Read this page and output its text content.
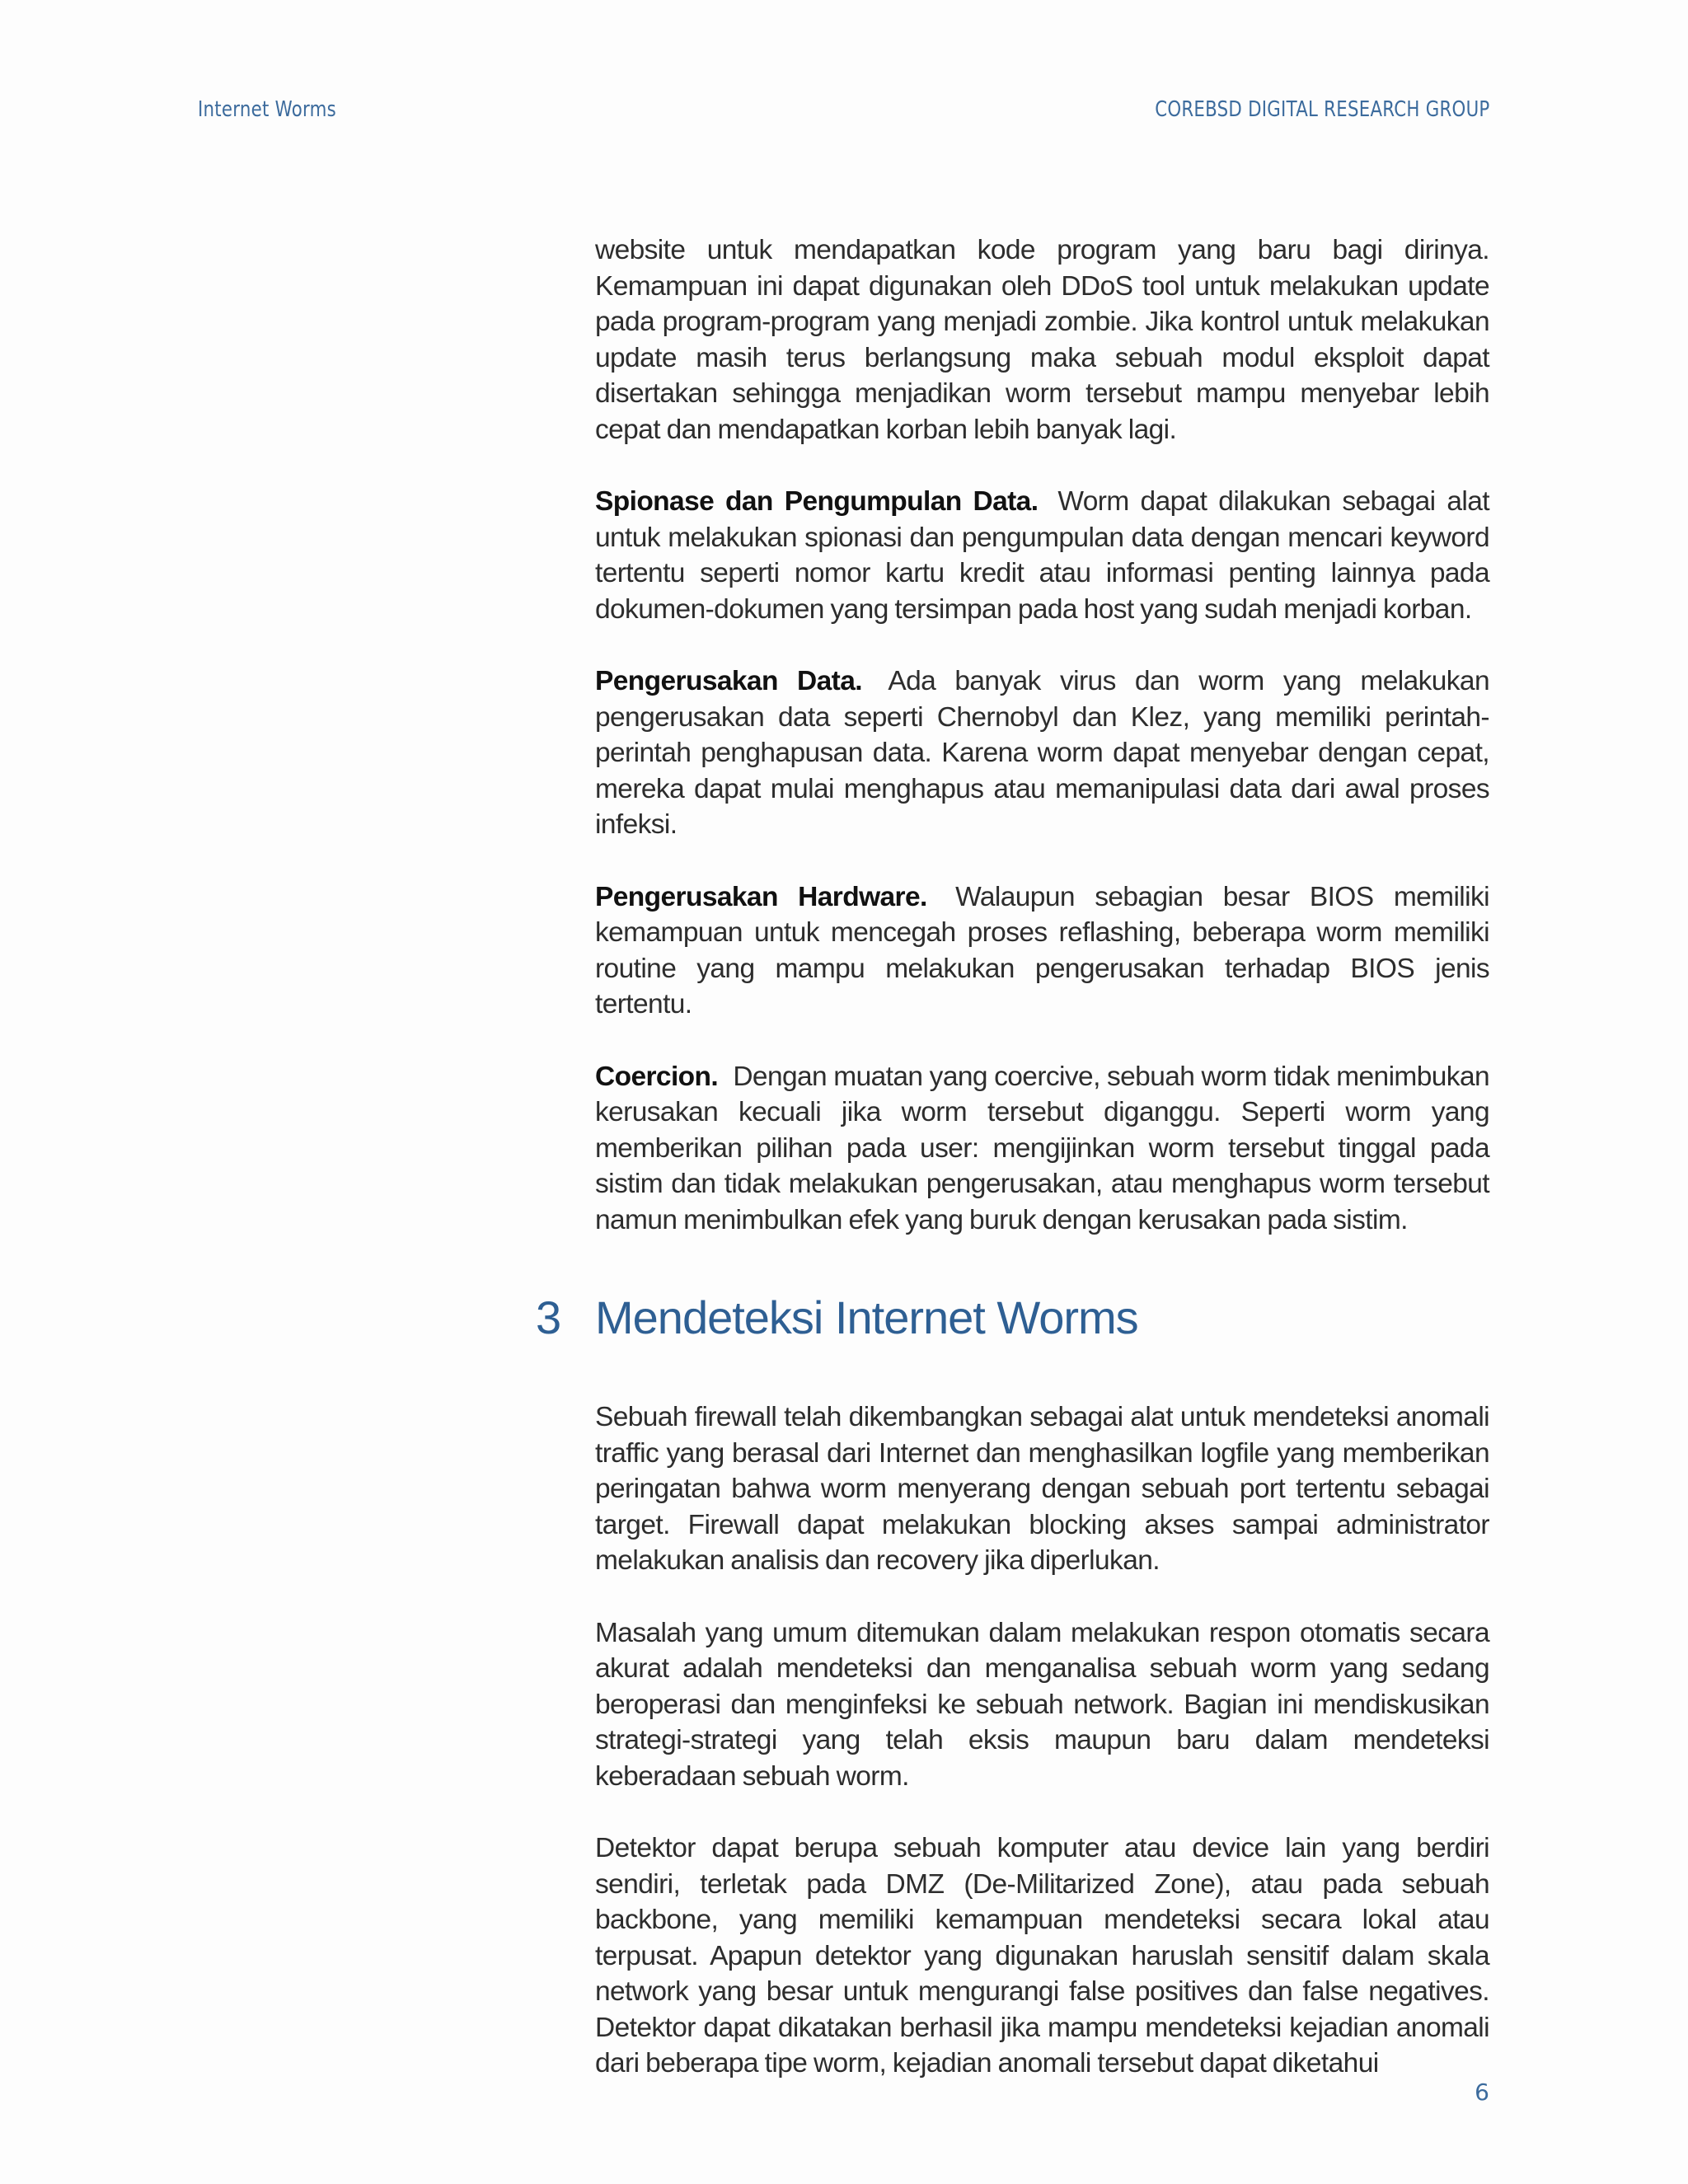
Internet Worms	COREBSD DIGITAL RESEARCH GROUP

website untuk mendapatkan kode program yang baru bagi dirinya. Kemampuan ini dapat digunakan oleh DDoS tool untuk melakukan update pada program-program yang menjadi zombie. Jika kontrol untuk melakukan update masih terus berlangsung maka sebuah modul eksploit dapat disertakan sehingga menjadikan worm tersebut mampu menyebar lebih cepat dan mendapatkan korban lebih banyak lagi.

Spionase dan Pengumpulan Data. Worm dapat dilakukan sebagai alat untuk melakukan spionasi dan pengumpulan data dengan mencari keyword tertentu seperti nomor kartu kredit atau informasi penting lainnya pada dokumen-dokumen yang tersimpan pada host yang sudah menjadi korban.

Pengerusakan Data. Ada banyak virus dan worm yang melakukan pengerusakan data seperti Chernobyl dan Klez, yang memiliki perintah-perintah penghapusan data. Karena worm dapat menyebar dengan cepat, mereka dapat mulai menghapus atau memanipulasi data dari awal proses infeksi.

Pengerusakan Hardware. Walaupun sebagian besar BIOS memiliki kemampuan untuk mencegah proses reflashing, beberapa worm memiliki routine yang mampu melakukan pengerusakan terhadap BIOS jenis tertentu.

Coercion. Dengan muatan yang coercive, sebuah worm tidak menimbukan kerusakan kecuali jika worm tersebut diganggu. Seperti worm yang memberikan pilihan pada user: mengijinkan worm tersebut tinggal pada sistim dan tidak melakukan pengerusakan, atau menghapus worm tersebut namun menimbulkan efek yang buruk dengan kerusakan pada sistim.

3 Mendeteksi Internet Worms

Sebuah firewall telah dikembangkan sebagai alat untuk mendeteksi anomali traffic yang berasal dari Internet dan menghasilkan logfile yang memberikan peringatan bahwa worm menyerang dengan sebuah port tertentu sebagai target. Firewall dapat melakukan blocking akses sampai administrator melakukan analisis dan recovery jika diperlukan.

Masalah yang umum ditemukan dalam melakukan respon otomatis secara akurat adalah mendeteksi dan menganalisa sebuah worm yang sedang beroperasi dan menginfeksi ke sebuah network. Bagian ini mendiskusikan strategi-strategi yang telah eksis maupun baru dalam mendeteksi keberadaan sebuah worm.

Detektor dapat berupa sebuah komputer atau device lain yang berdiri sendiri, terletak pada DMZ (De-Militarized Zone), atau pada sebuah backbone, yang memiliki kemampuan mendeteksi secara lokal atau terpusat. Apapun detektor yang digunakan haruslah sensitif dalam skala network yang besar untuk mengurangi false positives dan false negatives. Detektor dapat dikatakan berhasil jika mampu mendeteksi kejadian anomali dari beberapa tipe worm, kejadian anomali tersebut dapat diketahui

6
